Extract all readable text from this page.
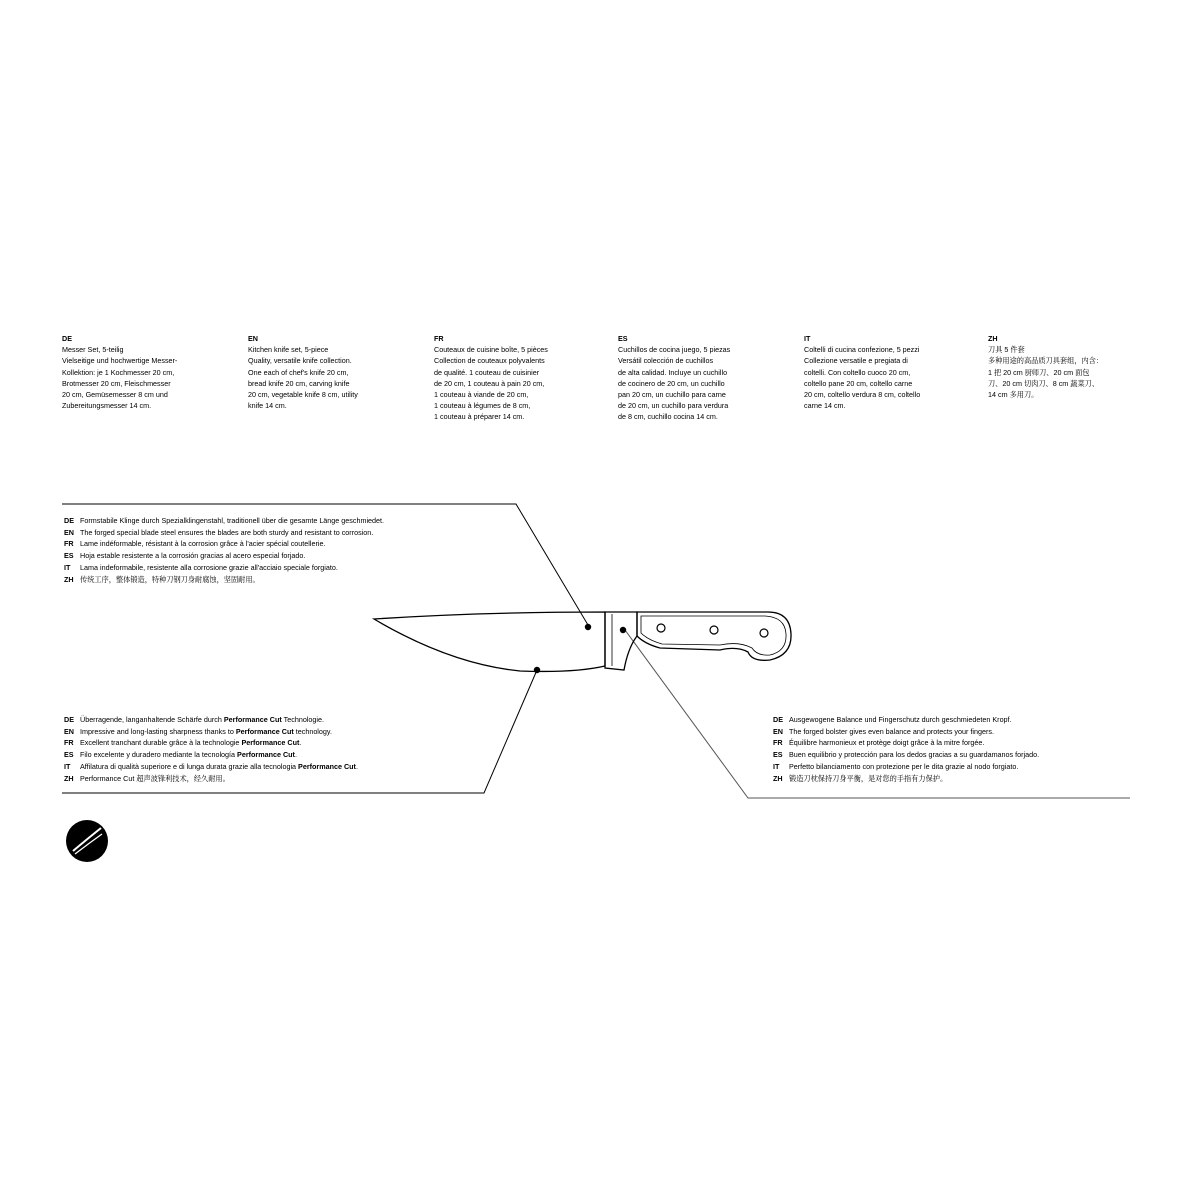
DE
Messer Set, 5-teilig
Vielseitige und hochwertige Messer-
Kollektion: je 1 Kochmesser 20 cm,
Brotmesser 20 cm, Fleischmesser
20 cm, Gemüsemesser 8 cm und
Zubereitungsmesser 14 cm.
EN
Kitchen knife set, 5-piece
Quality, versatile knife collection.
One each of chef's knife 20 cm,
bread knife 20 cm, carving knife
20 cm, vegetable knife 8 cm, utility
knife 14 cm.
FR
Couteaux de cuisine boîte, 5 pièces
Collection de couteaux polyvalents
de qualité. 1 couteau de cuisinier
de 20 cm, 1 couteau à pain 20 cm,
1 couteau à viande de 20 cm,
1 couteau à légumes de 8 cm,
1 couteau à préparer 14 cm.
ES
Cuchillos de cocina juego, 5 piezas
Versátil colección de cuchillos
de alta calidad. Incluye un cuchillo
de cocinero de 20 cm, un cuchillo
pan 20 cm, un cuchillo para carne
de 20 cm, un cuchillo para verdura
de 8 cm, cuchillo cocina 14 cm.
IT
Coltelli di cucina confezione, 5 pezzi
Collezione versatile e pregiata di
coltelli. Con coltello cuoco 20 cm,
coltello pane 20 cm, coltello carne
20 cm, coltello verdura 8 cm, coltello
carne 14 cm.
ZH
刀具 5 件套
多种用途的高品质刀具套组，内含：
1 把 20 cm 厨师刀、20 cm 面包
刀、20 cm 切肉刀、8 cm 蔬菜刀、
14 cm 多用刀。
DE Formstabile Klinge durch Spezialklingenstahl, traditionell über die gesamte Länge geschmiedet.
EN The forged special blade steel ensures the blades are both sturdy and resistant to corrosion.
FR Lame indéformable, résistant à la corrosion grâce à l'acier spécial coutellerie.
ES Hoja estable resistente a la corrosión gracias al acero especial forjado.
IT Lama indeformabile, resistente alla corrosione grazie all'acciaio speciale forgiato.
ZH 传统工序，整体锻造，特种刀钢刀身耐腐蚀，坚固耐用。
DE Überragende, langanhaltende Schärfe durch Performance Cut Technologie.
EN Impressive and long-lasting sharpness thanks to Performance Cut technology.
FR Excellent tranchant durable grâce à la technologie Performance Cut.
ES Filo excelente y duradero mediante la tecnología Performance Cut.
IT Affilatura di qualità superiore e di lunga durata grazie alla tecnologia Performance Cut.
ZH Performance Cut 超声波锋利技术，经久耐用。
DE Ausgewogene Balance und Fingerschutz durch geschmiedeten Kropf.
EN The forged bolster gives even balance and protects your fingers.
FR Équilibre harmonieux et protège doigt grâce à la mitre forgée.
ES Buen equilibrio y protección para los dedos gracias a su guardamanos forjado.
IT Perfetto bilanciamento con protezione per le dita grazie al nodo forgiato.
ZH 锻造刀枕保持刀身平衡，是对您的手指有力保护。
